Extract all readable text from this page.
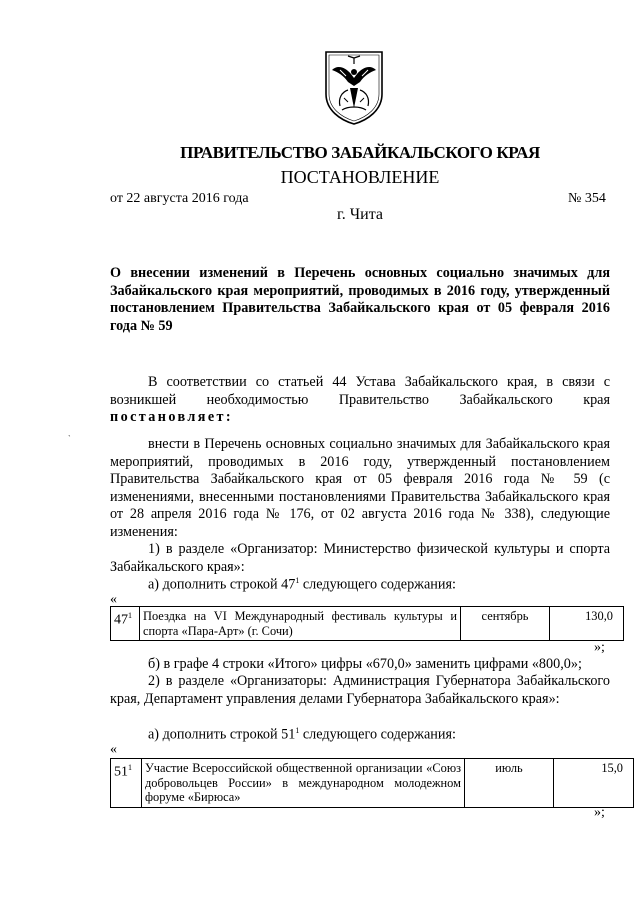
ПРАВИТЕЛЬСТВО ЗАБАЙКАЛЬСКОГО КРАЯ
ПОСТАНОВЛЕНИЕ
от 22 августа 2016 года	№ 354
г. Чита

О внесении изменений в Перечень основных социально значимых для Забайкальского края мероприятий, проводимых в 2016 году, утвержденный постановлением Правительства Забайкальского края от 05 февраля 2016 года № 59

В соответствии со статьей 44 Устава Забайкальского края, в связи с возникшей необходимостью Правительство Забайкальского края постановляет:

`	внести в Перечень основных социально значимых для Забайкальского края мероприятий, проводимых в 2016 году, утвержденный постановлением Правительства Забайкальского края от 05 февраля 2016 года № 59 (с изменениями, внесенными постановлениями Правительства Забайкальского края от 28 апреля 2016 года № 176, от 02 августа 2016 года № 338), следующие изменения:

1) в разделе «Организатор: Министерство физической культуры и спорта Забайкальского края»:

а) дополнить строкой $47^1$ следующего содержания:
«
$47^1$	Поездка на VI Международный фестиваль культуры и спорта «Пара-Арт» (г. Сочи)	сентябрь	130,0
»;
б) в графе 4 строки «Итого» цифры «670,0» заменить цифрами «800,0»;

2) в разделе «Организаторы: Администрация Губернатора Забайкальского края, Департамент управления делами Губернатора Забайкальского края»:

а) дополнить строкой $51^1$ следующего содержания:
«
$51^1$	Участие Всероссийской общественной организации «Союз добровольцев России» в международном молодежном форуме «Бирюса»	июль	15,0
»;
